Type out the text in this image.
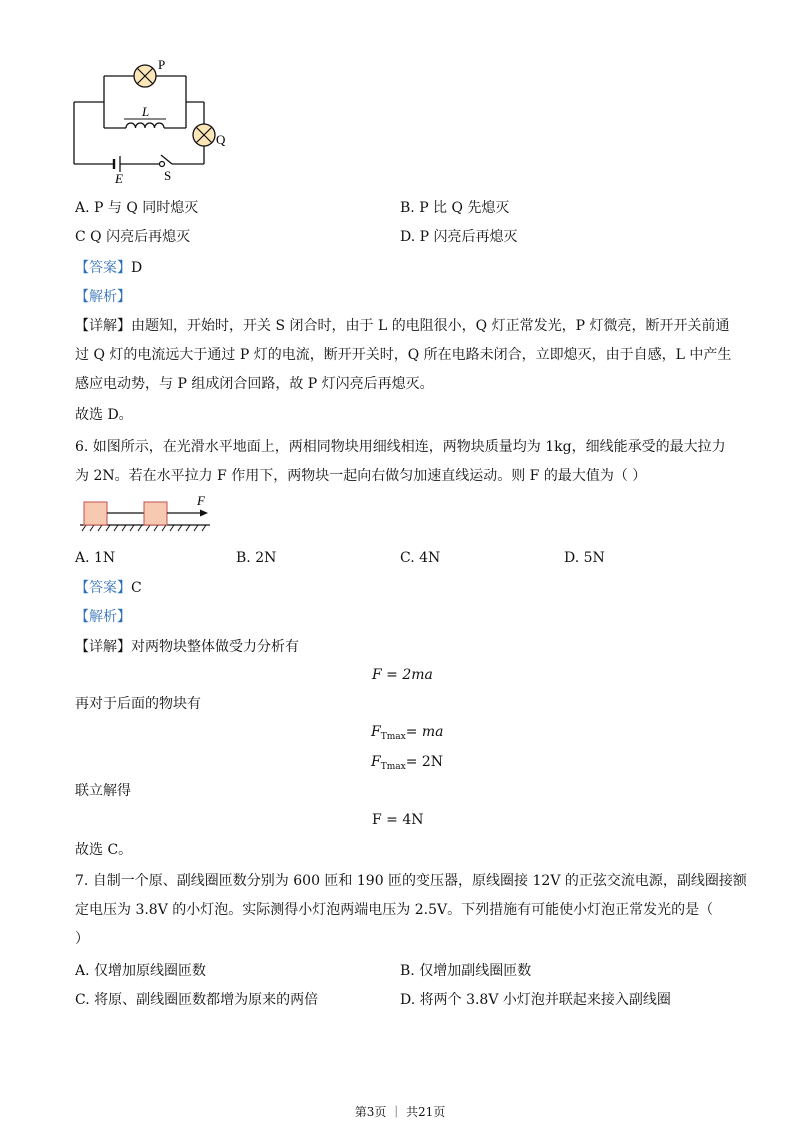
P
L
Q
S
E
A. P 与 Q 同时熄灭	B. P 比 Q 先熄灭
C Q 闪亮后再熄灭	D. P 闪亮后再熄灭
【答案】D
【解析】
【详解】由题知，开始时，开关 S 闭合时，由于 L 的电阻很小，Q 灯正常发光，P 灯微亮，断开开关前通
过 Q 灯的电流远大于通过 P 灯的电流，断开开关时，Q 所在电路未闭合，立即熄灭，由于自感，L 中产生
感应电动势，与 P 组成闭合回路，故 P 灯闪亮后再熄灭。
故选 D。
6. 如图所示，在光滑水平地面上，两相同物块用细线相连，两物块质量均为 1kg，细线能承受的最大拉力
为 2N。若在水平拉力 F 作用下，两物块一起向右做匀加速直线运动。则 F 的最大值为（ ）
F
A. 1N	B. 2N	C. 4N	D. 5N
【答案】C
【解析】
【详解】对两物块整体做受力分析有
F = 2ma
再对于后面的物块有
$F_{Tmax}=$ ma
$F_{Tmax}= 2N$
联立解得
F = 4N
故选 C。
7. 自制一个原、副线圈匝数分别为 600 匝和 190 匝的变压器，原线圈接 12V 的正弦交流电源，副线圈接额
定电压为 3.8V 的小灯泡。实际测得小灯泡两端电压为 2.5V。下列措施有可能使小灯泡正常发光的是（
）
A. 仅增加原线圈匝数	B. 仅增加副线圈匝数
C. 将原、副线圈匝数都增为原来的两倍	D. 将两个 3.8V 小灯泡并联起来接入副线圈
第3页 ｜ 共21页
